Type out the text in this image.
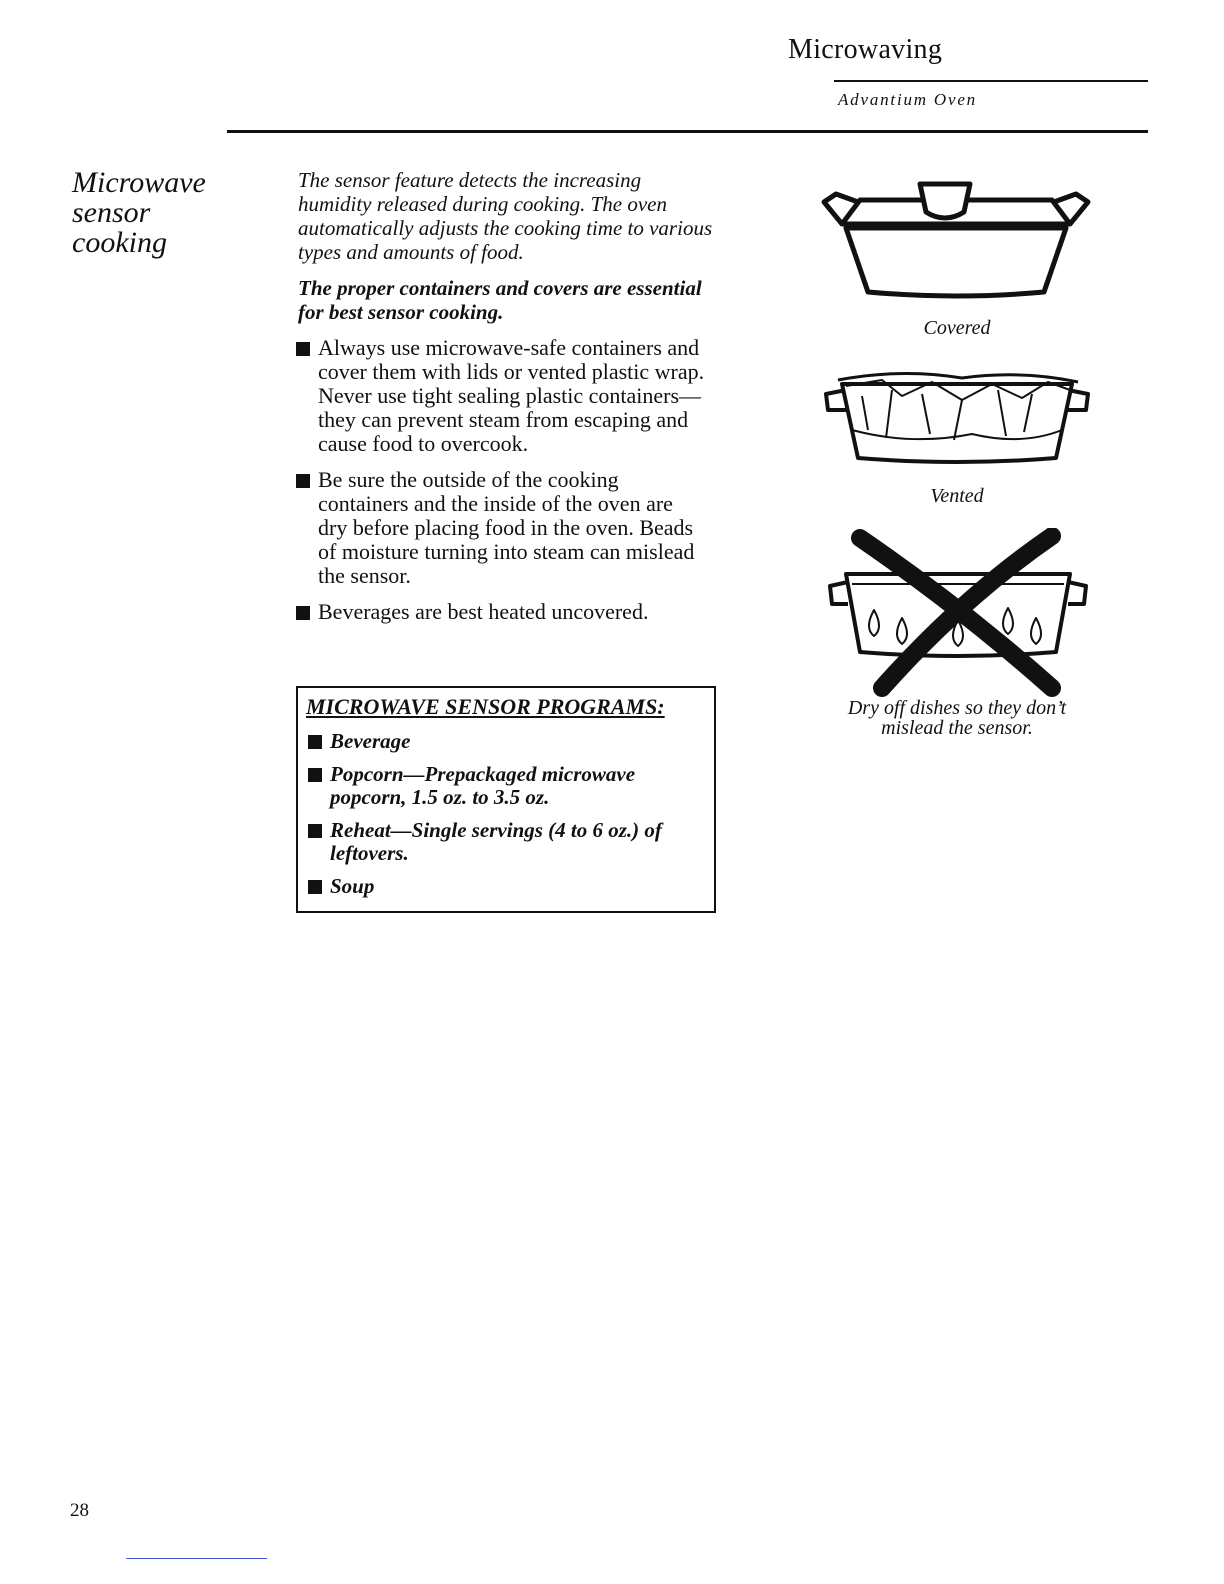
Microwaving
Advantium Oven
Microwave
sensor
cooking
The sensor feature detects the increasing humidity released during cooking. The oven automatically adjusts the cooking time to various types and amounts of food.
The proper containers and covers are essential for best sensor cooking.
Always use microwave-safe containers and cover them with lids or vented plastic wrap. Never use tight sealing plastic containers—they can prevent steam from escaping and cause food to overcook.
Be sure the outside of the cooking containers and the inside of the oven are dry before placing food in the oven. Beads of moisture turning into steam can mislead the sensor.
Beverages are best heated uncovered.
MICROWAVE SENSOR PROGRAMS:
Beverage
Popcorn—Prepackaged microwave popcorn, 1.5 oz. to 3.5 oz.
Reheat—Single servings (4 to 6 oz.) of leftovers.
Soup
Covered
Vented
Dry off dishes so they don’t
mislead the sensor.
28
